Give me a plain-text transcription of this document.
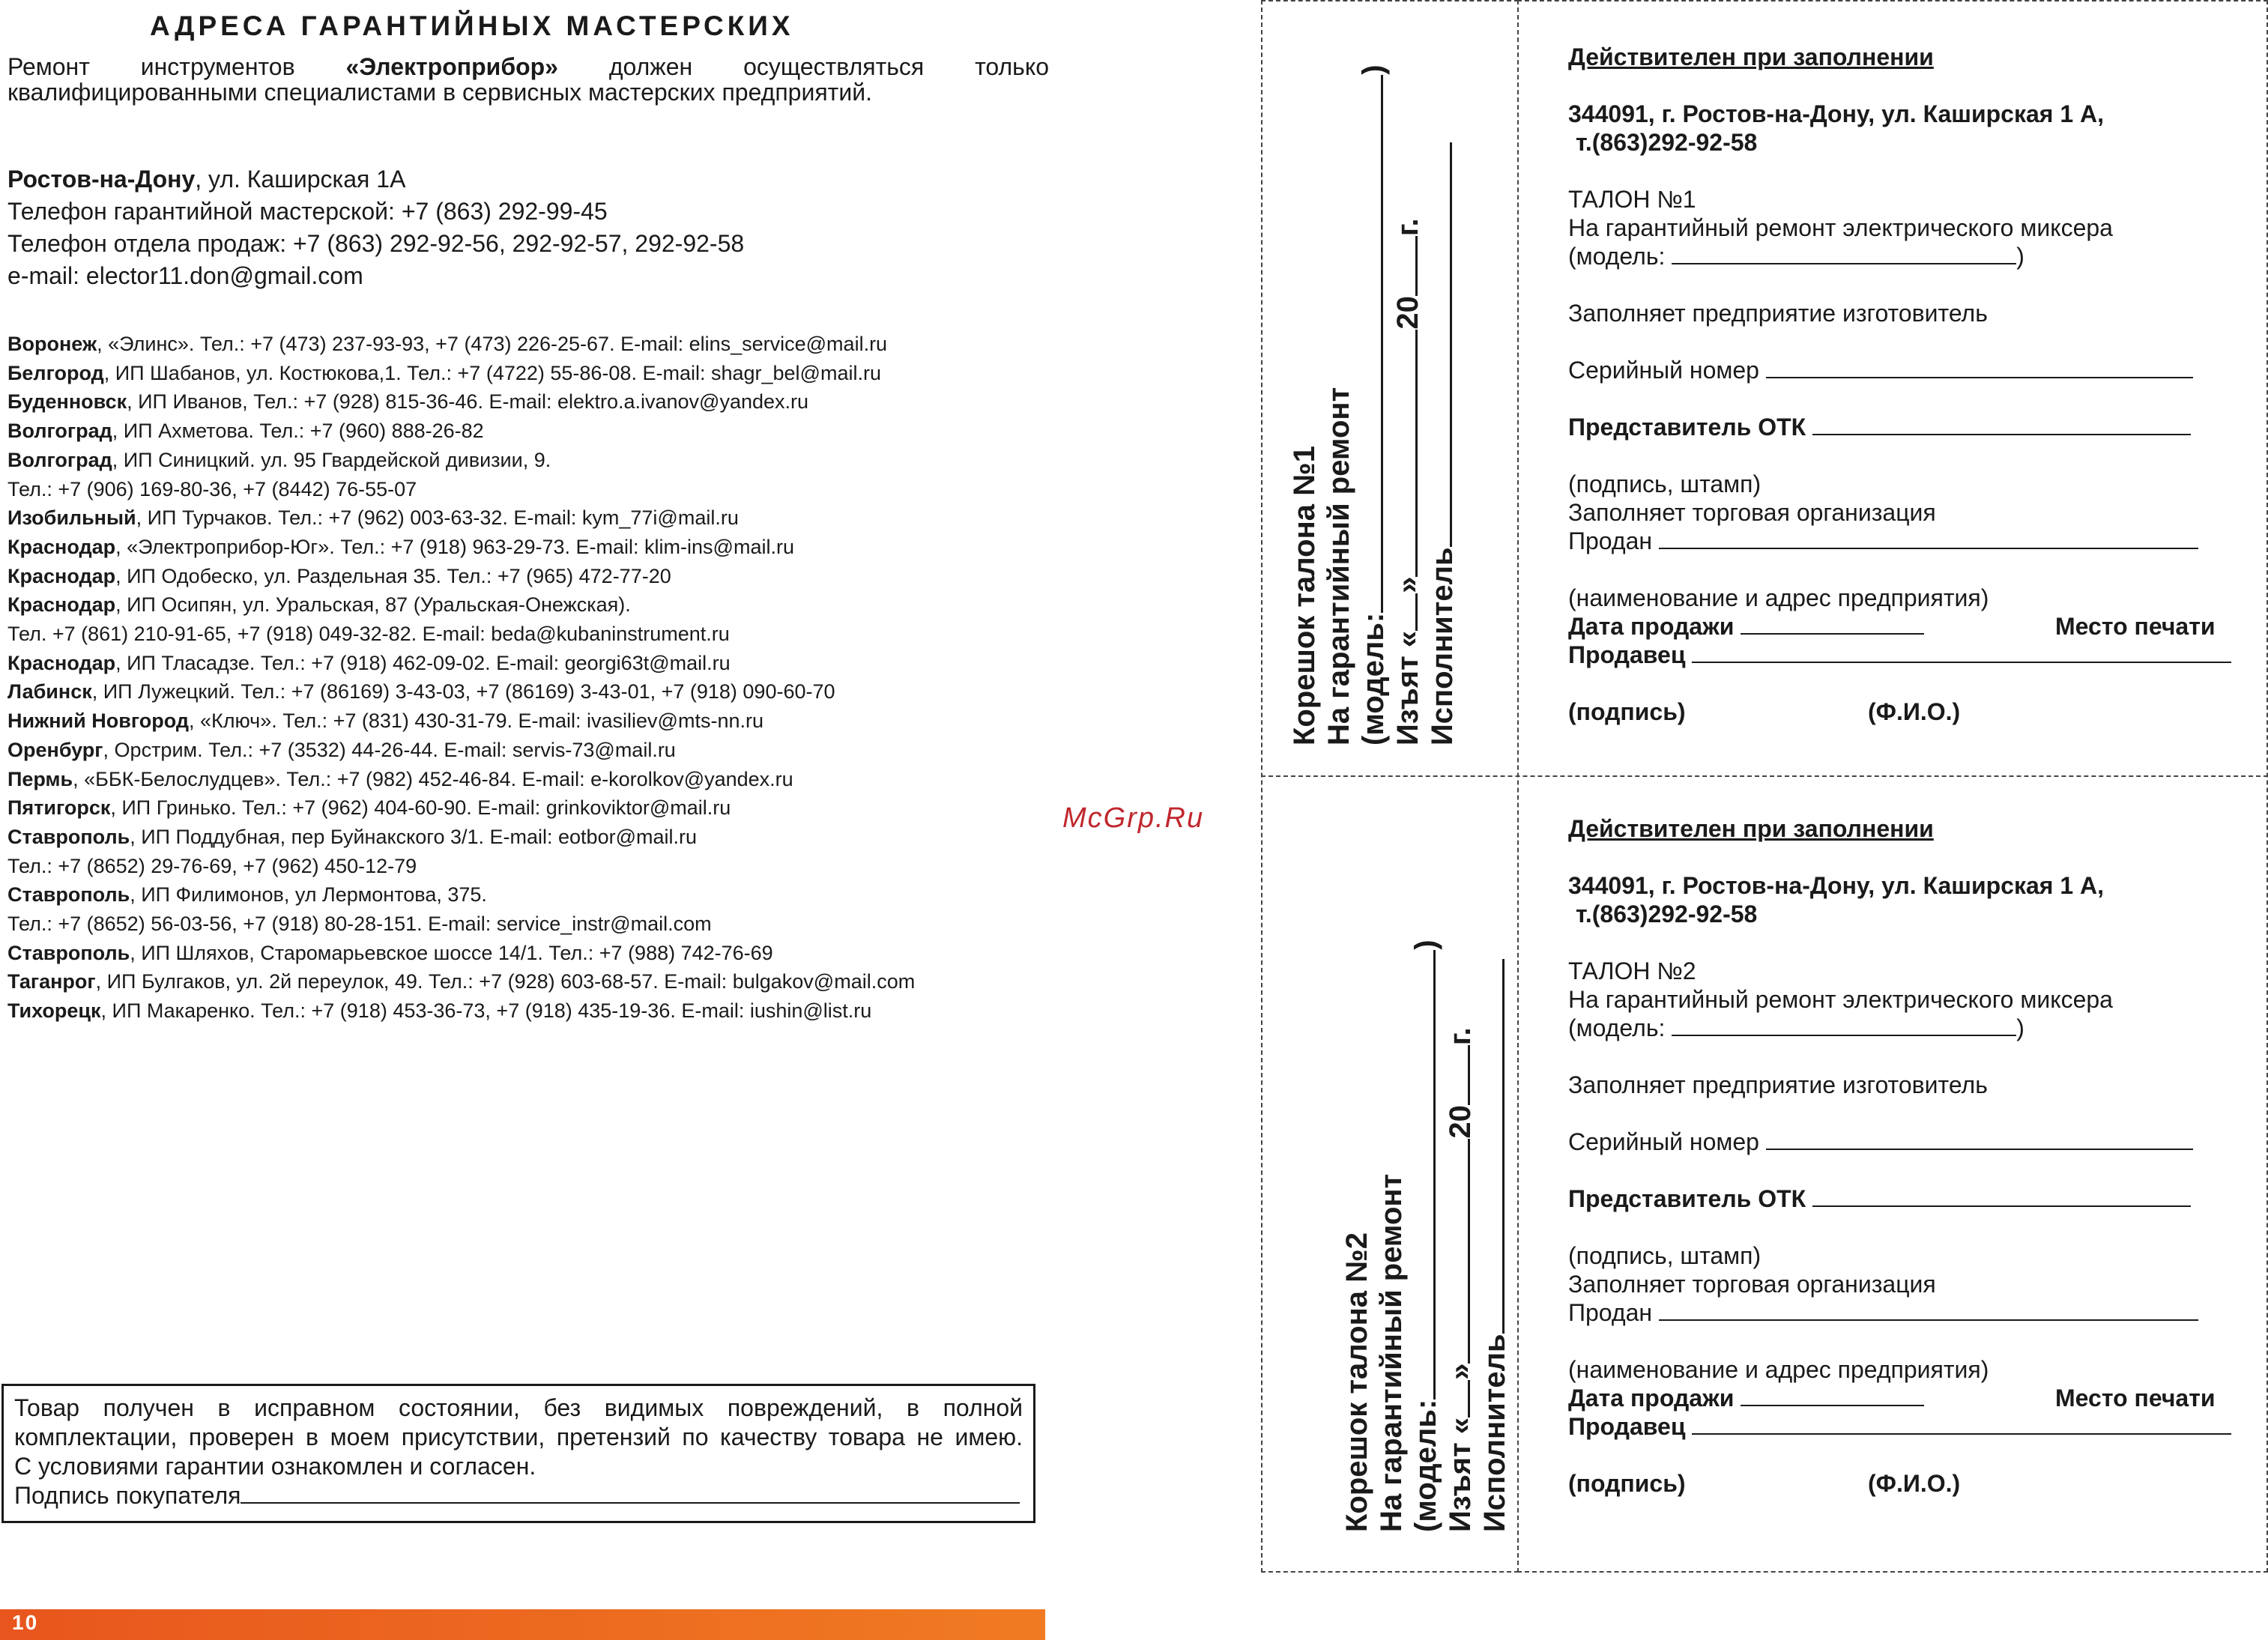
АДРЕСА ГАРАНТИЙНЫХ МАСТЕРСКИХ
Ремонт инструментов «Электроприбор» должен осуществляться только
квалифицированными специалистами в сервисных мастерских предприятий.
Ростов-на-Дону, ул. Каширская 1А
Телефон гарантийной мастерской: +7 (863) 292-99-45
Телефон отдела продаж: +7 (863) 292-92-56, 292-92-57, 292-92-58
e-mail: elector11.don@gmail.com
Воронеж, «Элинс». Тел.: +7 (473) 237-93-93, +7 (473) 226-25-67. E-mail: elins_service@mail.ru
Белгород, ИП Шабанов, ул. Костюкова,1. Тел.: +7 (4722) 55-86-08. E-mail: shagr_bel@mail.ru
Буденновск, ИП Иванов, Тел.: +7 (928) 815-36-46. E-mail: elektro.a.ivanov@yandex.ru
Волгоград, ИП Ахметова. Тел.: +7 (960) 888-26-82
Волгоград, ИП Синицкий. ул. 95 Гвардейской дивизии, 9.
Тел.: +7 (906) 169-80-36, +7 (8442) 76-55-07
Изобильный, ИП Турчаков. Тел.: +7 (962) 003-63-32. E-mail: kym_77i@mail.ru
Краснодар, «Электроприбор-Юг». Тел.: +7 (918) 963-29-73. E-mail: klim-ins@mail.ru
Краснодар, ИП Одобеско, ул. Раздельная 35. Тел.: +7 (965) 472-77-20
Краснодар, ИП Осипян, ул. Уральская, 87 (Уральская-Онежская).
Тел. +7 (861) 210-91-65, +7 (918) 049-32-82. E-mail: beda@kubaninstrument.ru
Краснодар, ИП Тласадзе. Тел.: +7 (918) 462-09-02. E-mail: georgi63t@mail.ru
Лабинск, ИП Лужецкий. Тел.: +7 (86169) 3-43-03, +7 (86169) 3-43-01, +7 (918) 090-60-70
Нижний Новгород, «Ключ». Тел.: +7 (831) 430-31-79. E-mail: ivasiliev@mts-nn.ru
Оренбург, Орстрим. Тел.: +7 (3532) 44-26-44. E-mail: servis-73@mail.ru
Пермь, «ББК-Белослудцев». Тел.: +7 (982) 452-46-84. E-mail: e-korolkov@yandex.ru
Пятигорск, ИП Гринько. Тел.: +7 (962) 404-60-90. E-mail: grinkoviktor@mail.ru
Ставрополь, ИП Поддубная, пер Буйнакского 3/1. E-mail: eotbor@mail.ru
Тел.: +7 (8652) 29-76-69, +7 (962) 450-12-79
Ставрополь, ИП Филимонов, ул Лермонтова, 375.
Тел.: +7 (8652) 56-03-56, +7 (918) 80-28-151. E-mail: service_instr@mail.com
Ставрополь, ИП Шляхов, Старомарьевское шоссе 14/1. Тел.: +7 (988) 742-76-69
Таганрог, ИП Булгаков, ул. 2й переулок, 49. Тел.: +7 (928) 603-68-57. E-mail: bulgakov@mail.com
Тихорецк, ИП Макаренко. Тел.: +7 (918) 453-36-73, +7 (918) 435-19-36. E-mail: iushin@list.ru
McGrp.Ru
Товар получен в исправном состоянии, без видимых повреждений, в полной
комплектации, проверен в моем присутствии, претензий по качеству товара не имею.
С условиями гарантии ознакомлен и согласен.
Подпись покупателя
10
Действителен при заполнении
344091, г. Ростов-на-Дону, ул. Каширская 1 А,
т.(863)292-92-58
ТАЛОН №1
На гарантийный ремонт электрического миксера
(модель:	)
Заполняет предприятие изготовитель
Серийный номер
Представитель ОТК
(подпись, штамп)
Заполняет торговая организация
Продан
(наименование и адрес предприятия)
Дата продажи	Место печати
Продавец
(подпись)	(Ф.И.О.)
Корешок талона №1 На гарантийный ремонт (модель:)
Изъят «»20г.
Исполнитель
Действителен при заполнении
344091, г. Ростов-на-Дону, ул. Каширская 1 А,
т.(863)292-92-58
ТАЛОН №2
На гарантийный ремонт электрического миксера
(модель:	)
Заполняет предприятие изготовитель
Серийный номер
Представитель ОТК
(подпись, штамп)
Заполняет торговая организация
Продан
(наименование и адрес предприятия)
Дата продажи	Место печати
Продавец
(подпись)	(Ф.И.О.)
Корешок талона №2 На гарантийный ремонт (модель:)
Изъят «»20г.
Исполнитель
